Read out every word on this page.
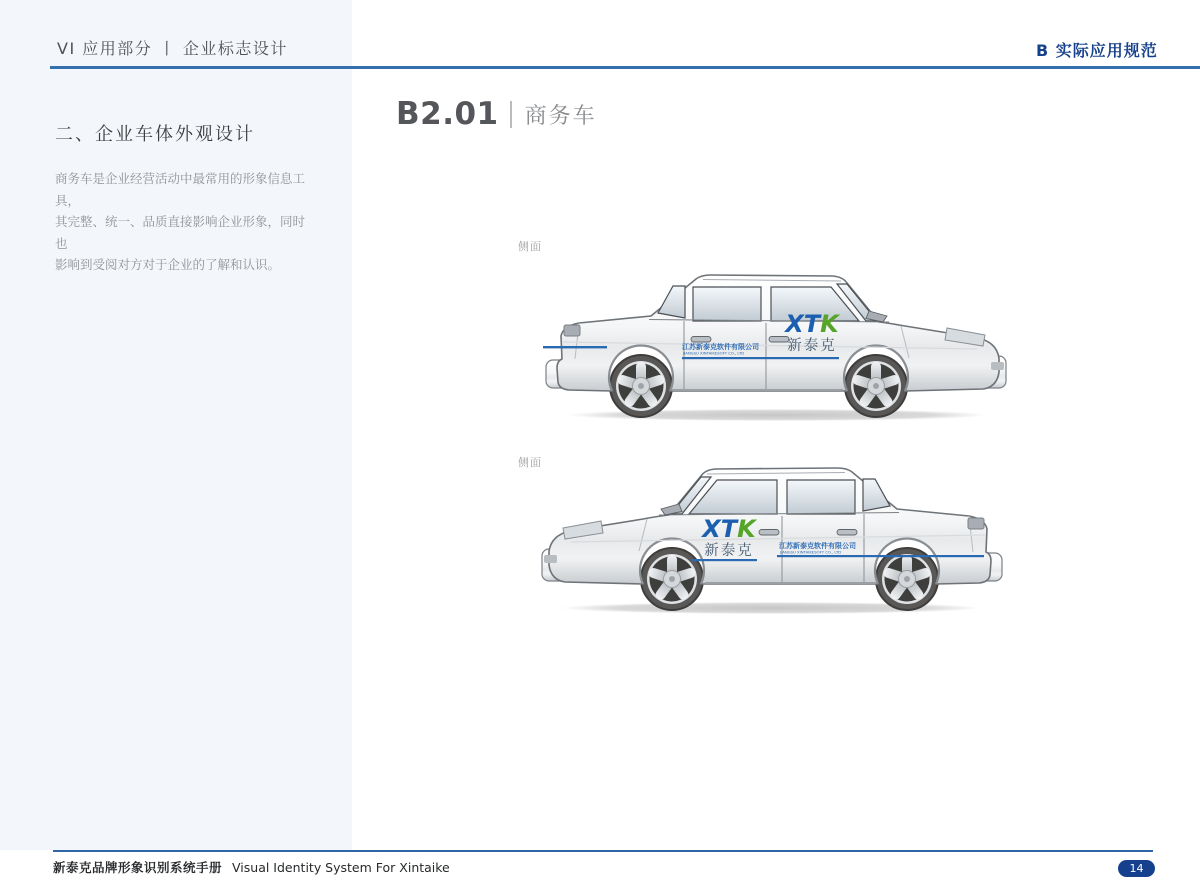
VI 应用部分 丨 企业标志设计	B 实际应用规范
二、企业车体外观设计
商务车是企业经营活动中最常用的形象信息工具，
其完整、统一、品质直接影响企业形象，同时也
影响到受阅对方对于企业的了解和认识。
B2.01 商务车
侧面
侧面
江苏新泰克软件有限公司
JIANGSU XINTAIKESOFT CO., LTD
XTK
新泰克
XTK
新泰克	江苏新泰克软件有限公司
JIANGSU XINTAIKESOFT CO., LTD
新泰克品牌形象识别系统手册 Visual Identity System For Xintaike	14
